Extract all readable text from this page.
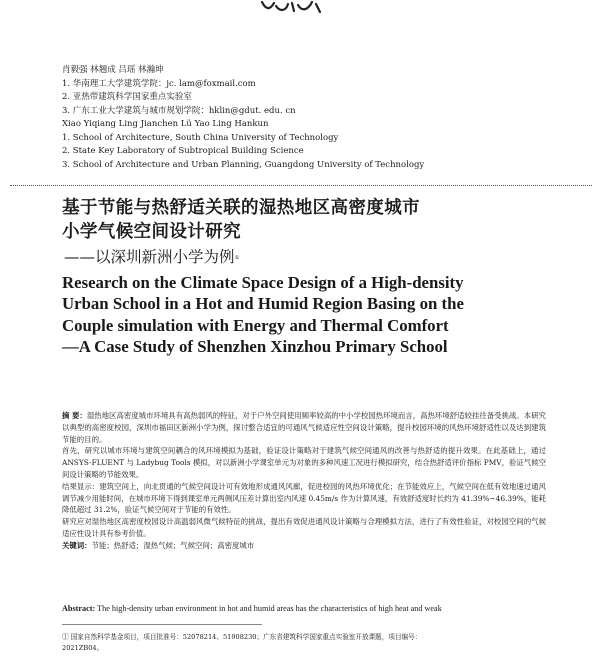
肖毅强 林翘成 吕瑶 林瀚坤
1. 华南理工大学建筑学院：jc. lam@foxmail.com
2. 亚热带建筑科学国家重点实验室
3. 广东工业大学建筑与城市规划学院：hklin@gdut. edu. cn
Xiao Yiqiang Ling Jianchen Lü Yao Ling Hankun
1. School of Architecture, South China University of Technology
2. State Key Laboratory of Subtropical Building Science
3. School of Architecture and Urban Planning, Guangdong University of Technology
基于节能与热舒适关联的湿热地区高密度城市
小学气候空间设计研究
——以深圳新洲小学为例①
Research on the Climate Space Design of a High-density
Urban School in a Hot and Humid Region Basing on the
Couple simulation with Energy and Thermal Comfort
—A Case Study of Shenzhen Xinzhou Primary School

摘 要：湿热地区高密度城市环境具有高热弱风的特征，对于户外空间使用频率较高的中小学校园热环境而言，高热环境舒适较挂往备受挑战。本研究以典型的高密度校园，深圳市福田区新洲小学为例，探讨整合适宜的可通风气候适应性空间设计策略，提升校园环境的风热环境舒适性以及达到建筑节能的目的。

首先，研究以城市环境与建筑空间耦合的风环境模拟为基础，验证设计策略对于建筑气候空间通风的改善与热舒适的提升效果。在此基础上，通过 ANSYS-FLUENT 与 Ladybug Tools 模拟，对以新洲小学课室单元为对象的多种风速工况进行模拟研究，结合热舒适评价指标 PMV，验证气候空间设计策略的节能效果。

结果显示：建筑空间上，向北贯通的气候空间设计可有效地形成通风风廊，促进校园的风热环境优化；在节能效应上，气候空间在低有效地速过通风调节减少用能时间，在城市环境下得到课室单元两侧风压差计算出室内风速 0.45m/s 作为计算风速，有效舒适度时长约为 41.39%~46.39%，能耗降低超过 31.2%，验证气候空间对于节能的有效性。

研究应对湿热地区高密度校园设计高温弱风微气候特征的挑战，提出有效促进通风设计策略与合理模拟方法，进行了有效性验证，对校园空间的气候适应性设计具有参考价值。

关键词：节能；热舒适；湿热气候；气候空间；高密度城市

Abstract: The high-density urban environment in hot and humid areas has the characteristics of high heat and weak
① 国家自然科学基金项目，项目批准号：52078214、51908230；广东省建筑科学国家重点实验室开放课题，项目编号：
2021ZB04。
